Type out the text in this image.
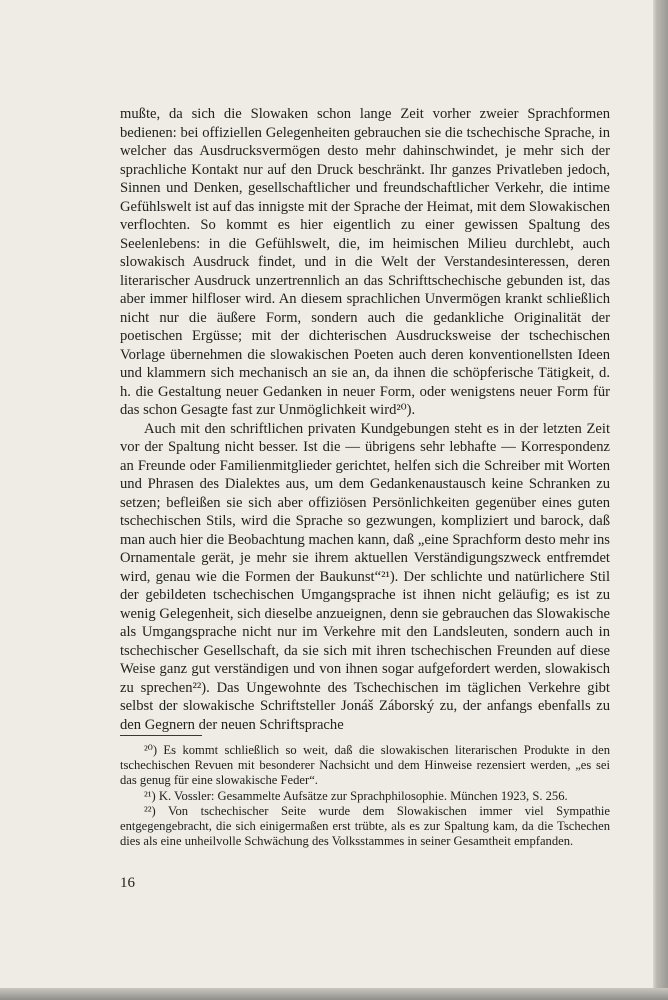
mußte, da sich die Slowaken schon lange Zeit vorher zweier Sprachformen bedienen: bei offiziellen Gelegenheiten gebrauchen sie die tschechische Sprache, in welcher das Ausdrucksvermögen desto mehr dahinschwindet, je mehr sich der sprachliche Kontakt nur auf den Druck beschränkt. Ihr ganzes Privatleben jedoch, Sinnen und Denken, gesellschaftlicher und freundschaftlicher Verkehr, die intime Gefühlswelt ist auf das innigste mit der Sprache der Heimat, mit dem Slowakischen verflochten. So kommt es hier eigentlich zu einer gewissen Spaltung des Seelenlebens: in die Gefühlswelt, die, im heimischen Milieu durchlebt, auch slowakisch Ausdruck findet, und in die Welt der Verstandesinteressen, deren literarischer Ausdruck unzertrennlich an das Schrifttschechische gebunden ist, das aber immer hilfloser wird. An diesem sprachlichen Unvermögen krankt schließlich nicht nur die äußere Form, sondern auch die gedankliche Originalität der poetischen Ergüsse; mit der dichterischen Ausdrucksweise der tschechischen Vorlage übernehmen die slowakischen Poeten auch deren konventionellsten Ideen und klammern sich mechanisch an sie an, da ihnen die schöpferische Tätigkeit, d. h. die Gestaltung neuer Gedanken in neuer Form, oder wenigstens neuer Form für das schon Gesagte fast zur Unmöglichkeit wird²⁰).

Auch mit den schriftlichen privaten Kundgebungen steht es in der letzten Zeit vor der Spaltung nicht besser. Ist die — übrigens sehr lebhafte — Korrespondenz an Freunde oder Familienmitglieder gerichtet, helfen sich die Schreiber mit Worten und Phrasen des Dialektes aus, um dem Gedankenaustausch keine Schranken zu setzen; befleißen sie sich aber offiziösen Persönlichkeiten gegenüber eines guten tschechischen Stils, wird die Sprache so gezwungen, kompliziert und barock, daß man auch hier die Beobachtung machen kann, daß „eine Sprachform desto mehr ins Ornamentale gerät, je mehr sie ihrem aktuellen Verständigungszweck entfremdet wird, genau wie die Formen der Baukunst“²¹). Der schlichte und natürlichere Stil der gebildeten tschechischen Umgangsprache ist ihnen nicht geläufig; es ist zu wenig Gelegenheit, sich dieselbe anzueignen, denn sie gebrauchen das Slowakische als Umgangsprache nicht nur im Verkehre mit den Landsleuten, sondern auch in tschechischer Gesellschaft, da sie sich mit ihren tschechischen Freunden auf diese Weise ganz gut verständigen und von ihnen sogar aufgefordert werden, slowakisch zu sprechen²²). Das Ungewohnte des Tschechischen im täglichen Verkehre gibt selbst der slowakische Schriftsteller Jonáš Záborský zu, der anfangs ebenfalls zu den Gegnern der neuen Schriftsprache

²⁰) Es kommt schließlich so weit, daß die slowakischen literarischen Produkte in den tschechischen Revuen mit besonderer Nachsicht und dem Hinweise rezensiert werden, „es sei das genug für eine slowakische Feder“.

²¹) K. Vossler: Gesammelte Aufsätze zur Sprachphilosophie. München 1923, S. 256.

²²) Von tschechischer Seite wurde dem Slowakischen immer viel Sympathie entgegengebracht, die sich einigermaßen erst trübte, als es zur Spaltung kam, da die Tschechen dies als eine unheilvolle Schwächung des Volksstammes in seiner Gesamtheit empfanden.

16
